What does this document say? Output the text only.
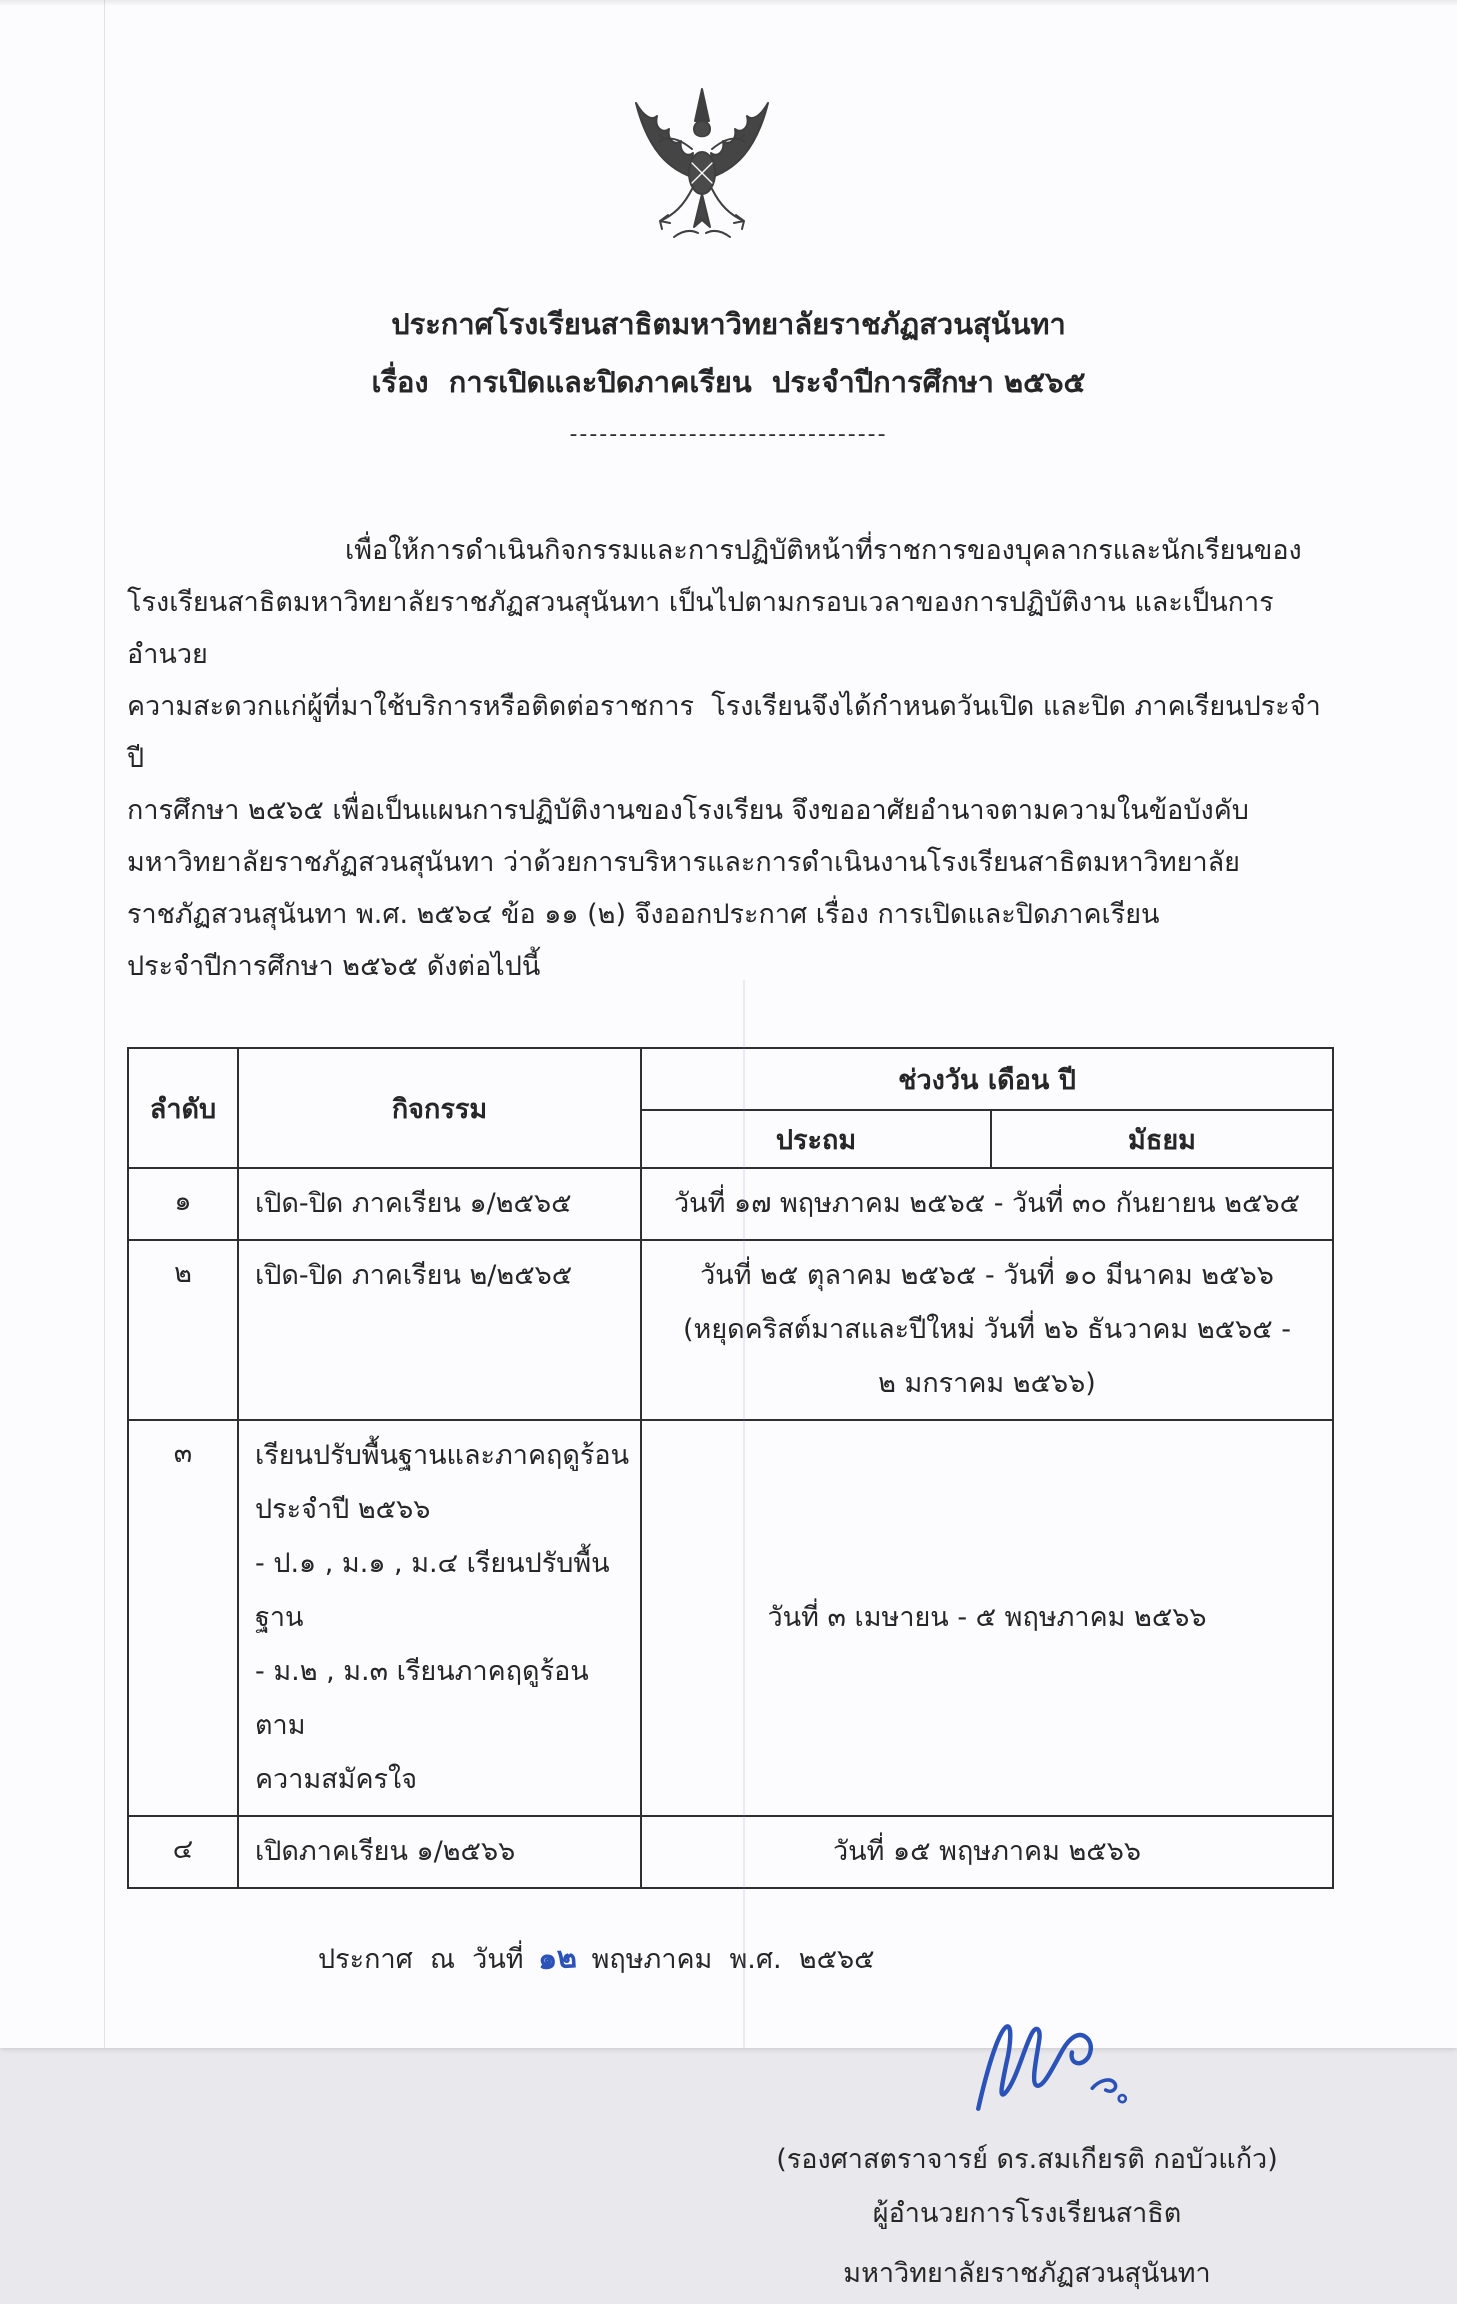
ประกาศโรงเรียนสาธิตมหาวิทยาลัยราชภัฏสวนสุนันทา
เรื่อง  การเปิดและปิดภาคเรียน  ประจำปีการศึกษา ๒๕๖๕
--------------------------------
เพื่อให้การดำเนินกิจกรรมและการปฏิบัติหน้าที่ราชการของบุคลากรและนักเรียนของ
โรงเรียนสาธิตมหาวิทยาลัยราชภัฏสวนสุนันทา เป็นไปตามกรอบเวลาของการปฏิบัติงาน และเป็นการอำนวย
ความสะดวกแก่ผู้ที่มาใช้บริการหรือติดต่อราชการ  โรงเรียนจึงได้กำหนดวันเปิด และปิด ภาคเรียนประจำปี
การศึกษา ๒๕๖๕ เพื่อเป็นแผนการปฏิบัติงานของโรงเรียน จึงขออาศัยอำนาจตามความในข้อบังคับ
มหาวิทยาลัยราชภัฏสวนสุนันทา ว่าด้วยการบริหารและการดำเนินงานโรงเรียนสาธิตมหาวิทยาลัย
ราชภัฏสวนสุนันทา พ.ศ. ๒๕๖๔ ข้อ ๑๑ (๒) จึงออกประกาศ เรื่อง การเปิดและปิดภาคเรียน
ประจำปีการศึกษา ๒๕๖๕ ดังต่อไปนี้
ลำดับ	กิจกรรม	ช่วงวัน เดือน ปี	
		ประถม	มัธยม
๑	เปิด-ปิด ภาคเรียน ๑/๒๕๖๕	วันที่ ๑๗ พฤษภาคม ๒๕๖๕ - วันที่ ๓๐ กันยายน ๒๕๖๕	

๒	เปิด-ปิด ภาคเรียน ๒/๒๕๖๕	วันที่ ๒๕ ตุลาคม ๒๕๖๕ - วันที่ ๑๐ มีนาคม ๒๕๖๖
(หยุดคริสต์มาสและปีใหม่ วันที่ ๒๖ ธันวาคม ๒๕๖๕ -
๒ มกราคม ๒๕๖๖)	

๓	เรียนปรับพื้นฐานและภาคฤดูร้อน
ประจำปี ๒๕๖๖
- ป.๑ , ม.๑ , ม.๔ เรียนปรับพื้นฐาน
- ม.๒ , ม.๓ เรียนภาคฤดูร้อนตาม
ความสมัครใจ	วันที่ ๓ เมษายน - ๕ พฤษภาคม ๒๕๖๖	

๔	เปิดภาคเรียน ๑/๒๕๖๖	วันที่ ๑๕ พฤษภาคม ๒๕๖๖	
ประกาศ  ณ  วันที่ ๑๒ พฤษภาคม  พ.ศ.  ๒๕๖๕
(รองศาสตราจารย์ ดร.สมเกียรติ กอบัวแก้ว)
ผู้อำนวยการโรงเรียนสาธิต
มหาวิทยาลัยราชภัฏสวนสุนันทา
